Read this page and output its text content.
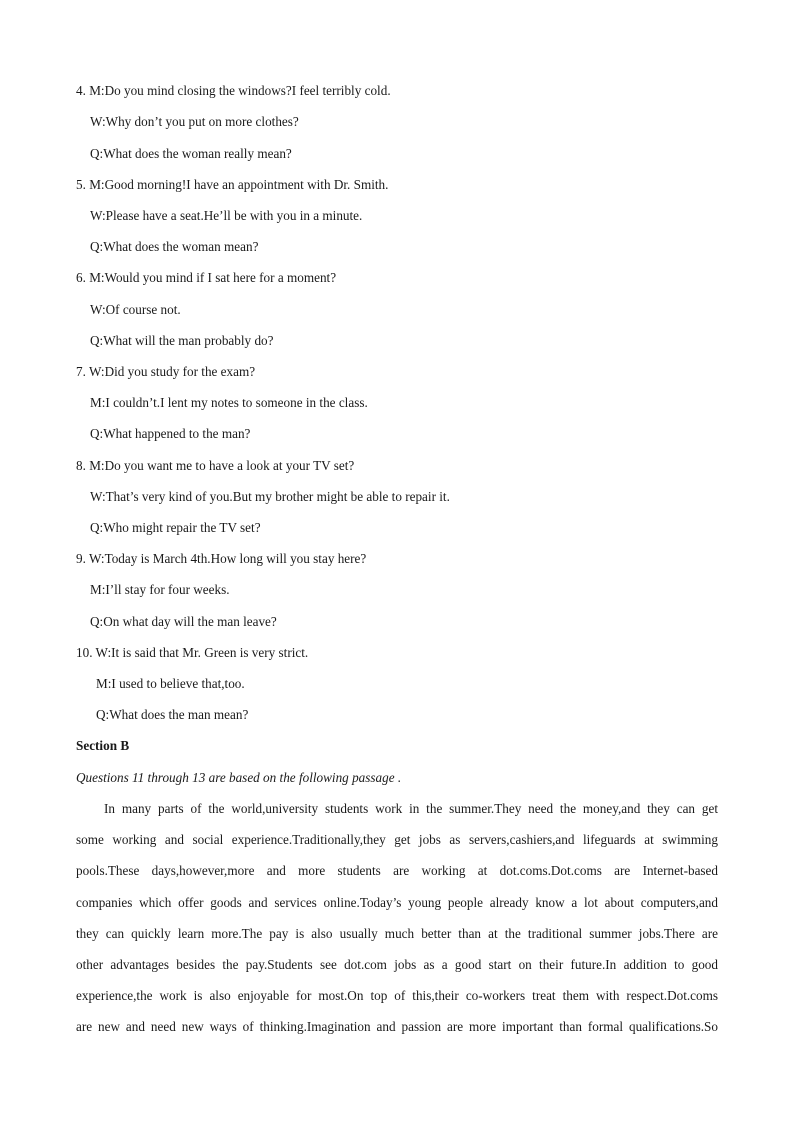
4. M:Do you mind closing the windows?I feel terribly cold.
W:Why don’t you put on more clothes?
Q:What does the woman really mean?
5. M:Good morning!I have an appointment with Dr. Smith.
W:Please have a seat.He’ll be with you in a minute.
Q:What does the woman mean?
6. M:Would you mind if I sat here for a moment?
W:Of course not.
Q:What will the man probably do?
7. W:Did you study for the exam?
M:I couldn’t.I lent my notes to someone in the class.
Q:What happened to the man?
8. M:Do you want me to have a look at your TV set?
W:That’s very kind of you.But my brother might be able to repair it.
Q:Who might repair the TV set?
9. W:Today is March 4th.How long will you stay here?
M:I’ll stay for four weeks.
Q:On what day will the man leave?
10. W:It is said that Mr. Green is very strict.
M:I used to believe that,too.
Q:What does the man mean?
Section B
Questions 11 through 13 are based on the following passage .
In many parts of the world,university students work in the summer.They need the money,and they can get
some working and social experience.Traditionally,they get jobs as servers,cashiers,and lifeguards at swimming
pools.These days,however,more and more students are working at dot.coms.Dot.coms are Internet-based
companies which offer goods and services online.Today’s young people already know a lot about computers,and
they can quickly learn more.The pay is also usually much better than at the traditional summer jobs.There are
other advantages besides the pay.Students see dot.com jobs as a good start on their future.In addition to good
experience,the work is also enjoyable for most.On top of this,their co-workers treat them with respect.Dot.coms
are new and need new ways of thinking.Imagination and passion are more important than formal qualifications.So
